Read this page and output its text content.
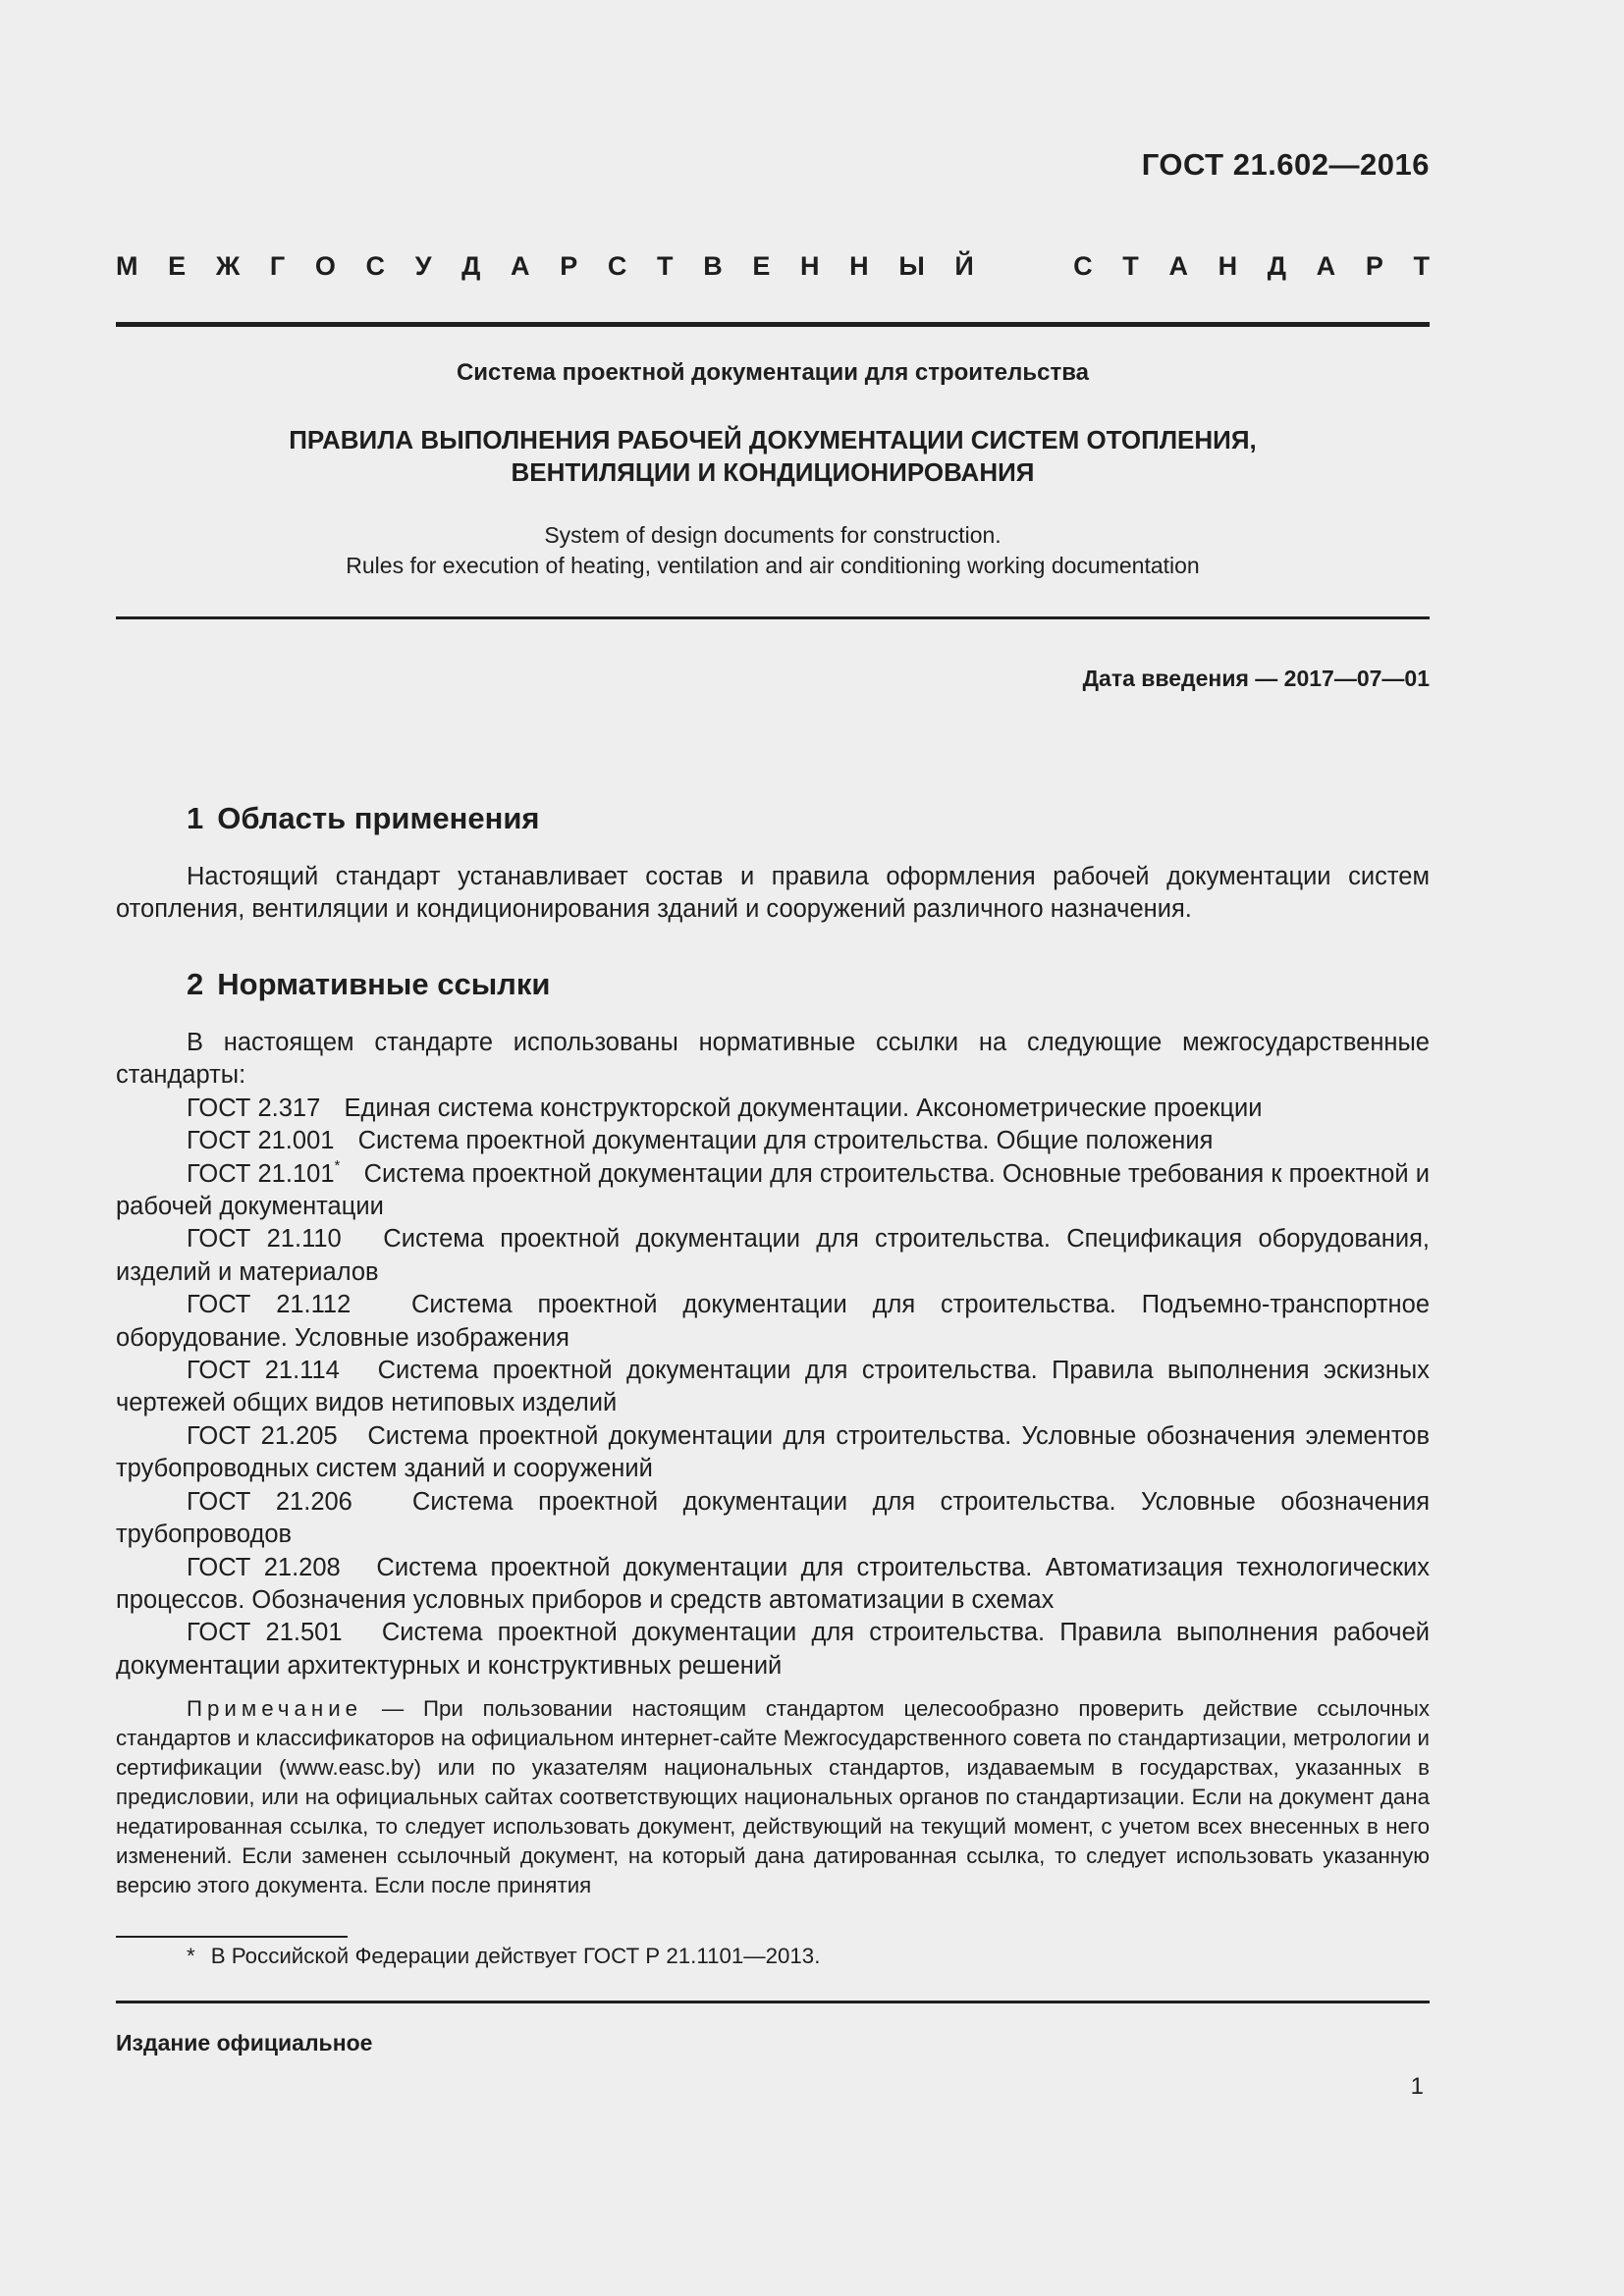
ГОСТ 21.602—2016
М Е Ж Г О С У Д А Р С Т В Е Н Н Ы Й	С Т А Н Д А Р Т
Система проектной документации для строительства
ПРАВИЛА ВЫПОЛНЕНИЯ РАБОЧЕЙ ДОКУМЕНТАЦИИ СИСТЕМ ОТОПЛЕНИЯ,
ВЕНТИЛЯЦИИ И КОНДИЦИОНИРОВАНИЯ
System of design documents for construction.
Rules for execution of heating, ventilation and air conditioning working documentation
Дата введения — 2017—07—01
1 Область применения

Настоящий стандарт устанавливает состав и правила оформления рабочей документации систем отопления, вентиляции и кондиционирования зданий и сооружений различного назначения.

2 Нормативные ссылки

В настоящем стандарте использованы нормативные ссылки на следующие межгосударственные стандарты:

ГОСТ 2.317 Единая система конструкторской документации. Аксонометрические проекции

ГОСТ 21.001 Система проектной документации для строительства. Общие положения

ГОСТ 21.101* Система проектной документации для строительства. Основные требования к проектной и рабочей документации

ГОСТ 21.110 Система проектной документации для строительства. Спецификация оборудования, изделий и материалов

ГОСТ 21.112 Система проектной документации для строительства. Подъемно-транспортное оборудование. Условные изображения

ГОСТ 21.114 Система проектной документации для строительства. Правила выполнения эскизных чертежей общих видов нетиповых изделий

ГОСТ 21.205 Система проектной документации для строительства. Условные обозначения элементов трубопроводных систем зданий и сооружений

ГОСТ 21.206 Система проектной документации для строительства. Условные обозначения трубопроводов

ГОСТ 21.208 Система проектной документации для строительства. Автоматизация технологических процессов. Обозначения условных приборов и средств автоматизации в схемах

ГОСТ 21.501 Система проектной документации для строительства. Правила выполнения рабочей документации архитектурных и конструктивных решений

Примечание — При пользовании настоящим стандартом целесообразно проверить действие ссылочных стандартов и классификаторов на официальном интернет-сайте Межгосударственного совета по стандартизации, метрологии и сертификации (www.easc.by) или по указателям национальных стандартов, издаваемым в государствах, указанных в предисловии, или на официальных сайтах соответствующих национальных органов по стандартизации. Если на документ дана недатированная ссылка, то следует использовать документ, действующий на текущий момент, с учетом всех внесенных в него изменений. Если заменен ссылочный документ, на который дана датированная ссылка, то следует использовать указанную версию этого документа. Если после принятия

* В Российской Федерации действует ГОСТ Р 21.1101—2013.
Издание официальное
1
